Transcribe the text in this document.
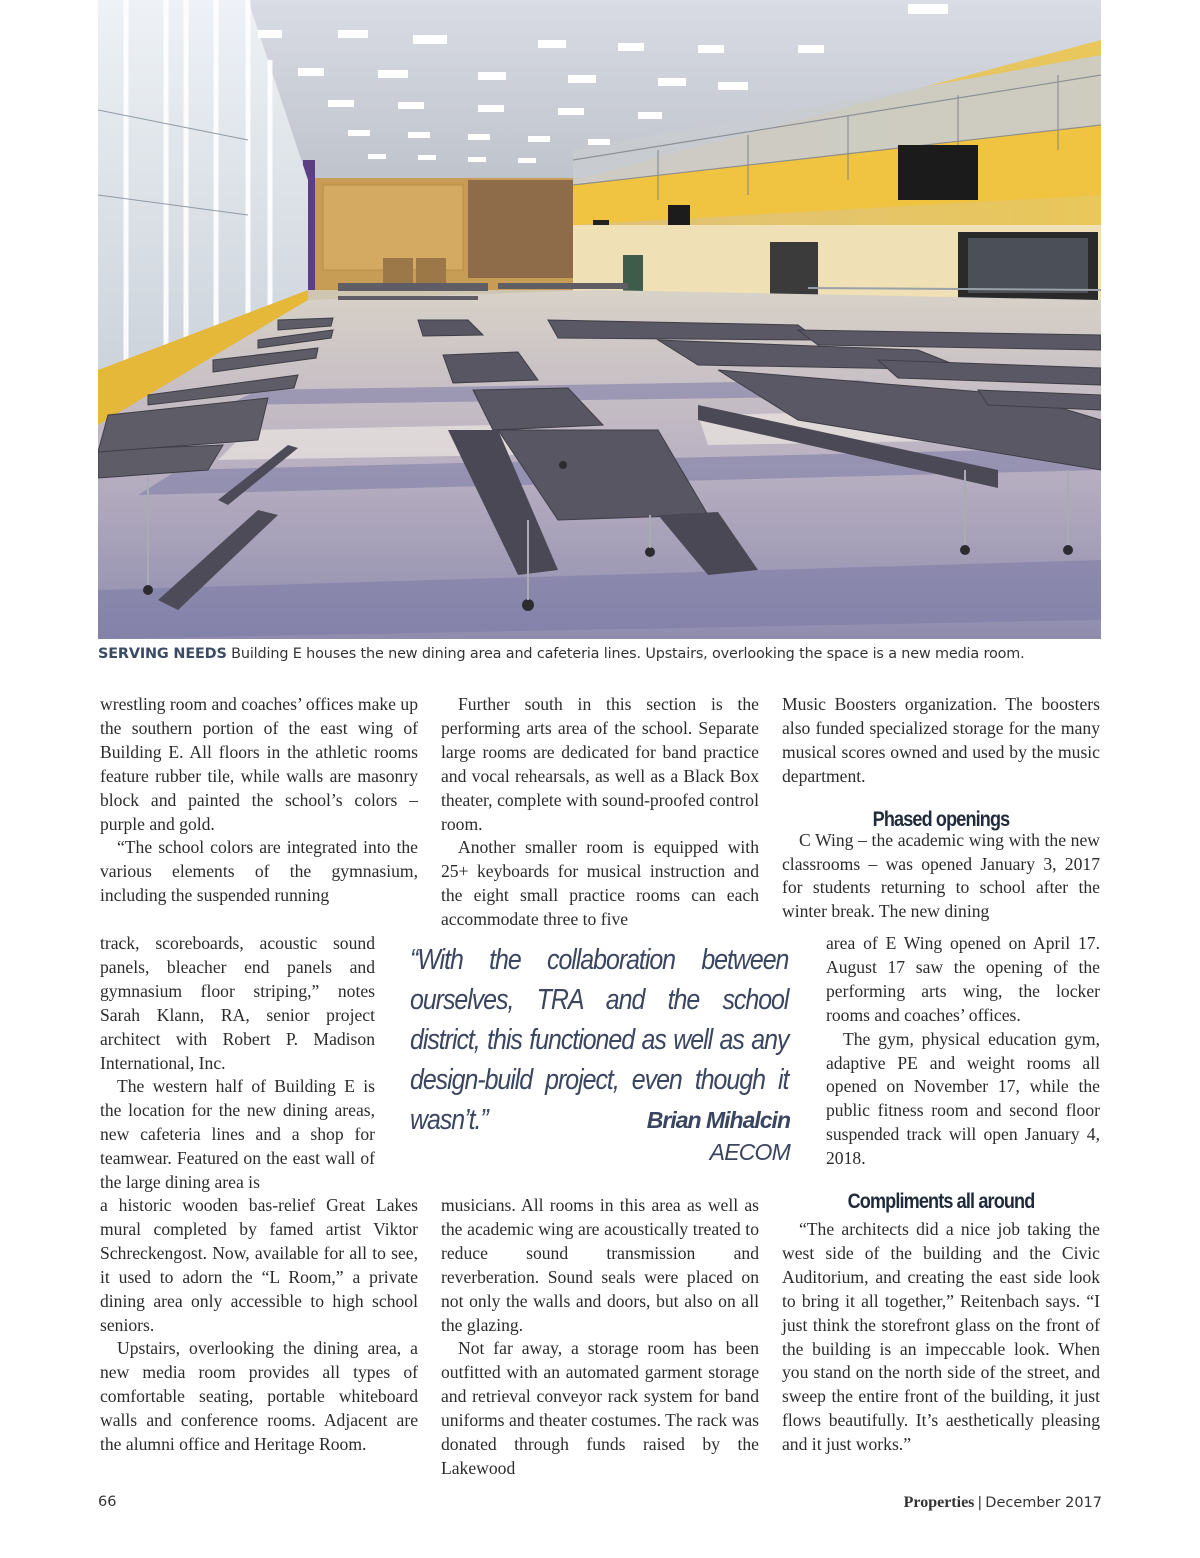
SERVING NEEDS Building E houses the new dining area and cafeteria lines. Upstairs, overlooking the space is a new media room.

wrestling room and coaches’ offices make up the southern portion of the east wing of Building E. All floors in the athletic rooms feature rubber tile, while walls are masonry block and painted the school’s colors – purple and gold.

“The school colors are integrated into the various elements of the gymnasium, including the suspended running

track, scoreboards, acoustic sound panels, bleacher end panels and gymnasium floor striping,” notes Sarah Klann, RA, senior project architect with Robert P. Madison International, Inc.

The western half of Building E is the location for the new dining areas, new cafeteria lines and a shop for teamwear. Featured on the east wall of the large dining area is

a historic wooden bas-relief Great Lakes mural completed by famed artist Viktor Schreckengost. Now, available for all to see, it used to adorn the “L Room,” a private dining area only accessible to high school seniors.

Upstairs, overlooking the dining area, a new media room provides all types of comfortable seating, portable whiteboard walls and conference rooms. Adjacent are the alumni office and Heritage Room.

Further south in this section is the performing arts area of the school. Separate large rooms are dedicated for band practice and vocal rehearsals, as well as a Black Box theater, complete with sound-proofed control room.

Another smaller room is equipped with 25+ keyboards for musical instruction and the eight small practice rooms can each accommodate three to five

musicians. All rooms in this area as well as the academic wing are acoustically treated to reduce sound transmission and reverberation. Sound seals were placed on not only the walls and doors, but also on all the glazing.

Not far away, a storage room has been outfitted with an automated garment storage and retrieval conveyor rack system for band uniforms and theater costumes. The rack was donated through funds raised by the Lakewood

Music Boosters organization. The boosters also funded specialized storage for the many musical scores owned and used by the music department.

C Wing – the academic wing with the new classrooms – was opened January 3, 2017 for students returning to school after the winter break. The new dining

Phased openings

area of E Wing opened on April 17. August 17 saw the opening of the performing arts wing, the locker rooms and coaches’ offices.

The gym, physical education gym, adaptive PE and weight rooms all opened on November 17, while the public fitness room and second floor suspended track will open January 4, 2018.

Compliments all around

“The architects did a nice job taking the west side of the building and the Civic Auditorium, and creating the east side look to bring it all together,” Reitenbach says. “I just think the storefront glass on the front of the building is an impeccable look. When you stand on the north side of the street, and sweep the entire front of the building, it just flows beautifully. It’s aesthetically pleasing and it just works.”

“With the collaboration between ourselves, TRA and the school district, this functioned as well as any design-build project, even though it wasn’t.”	Brian Mihalcin
AECOM
66	Properties | December 2017
